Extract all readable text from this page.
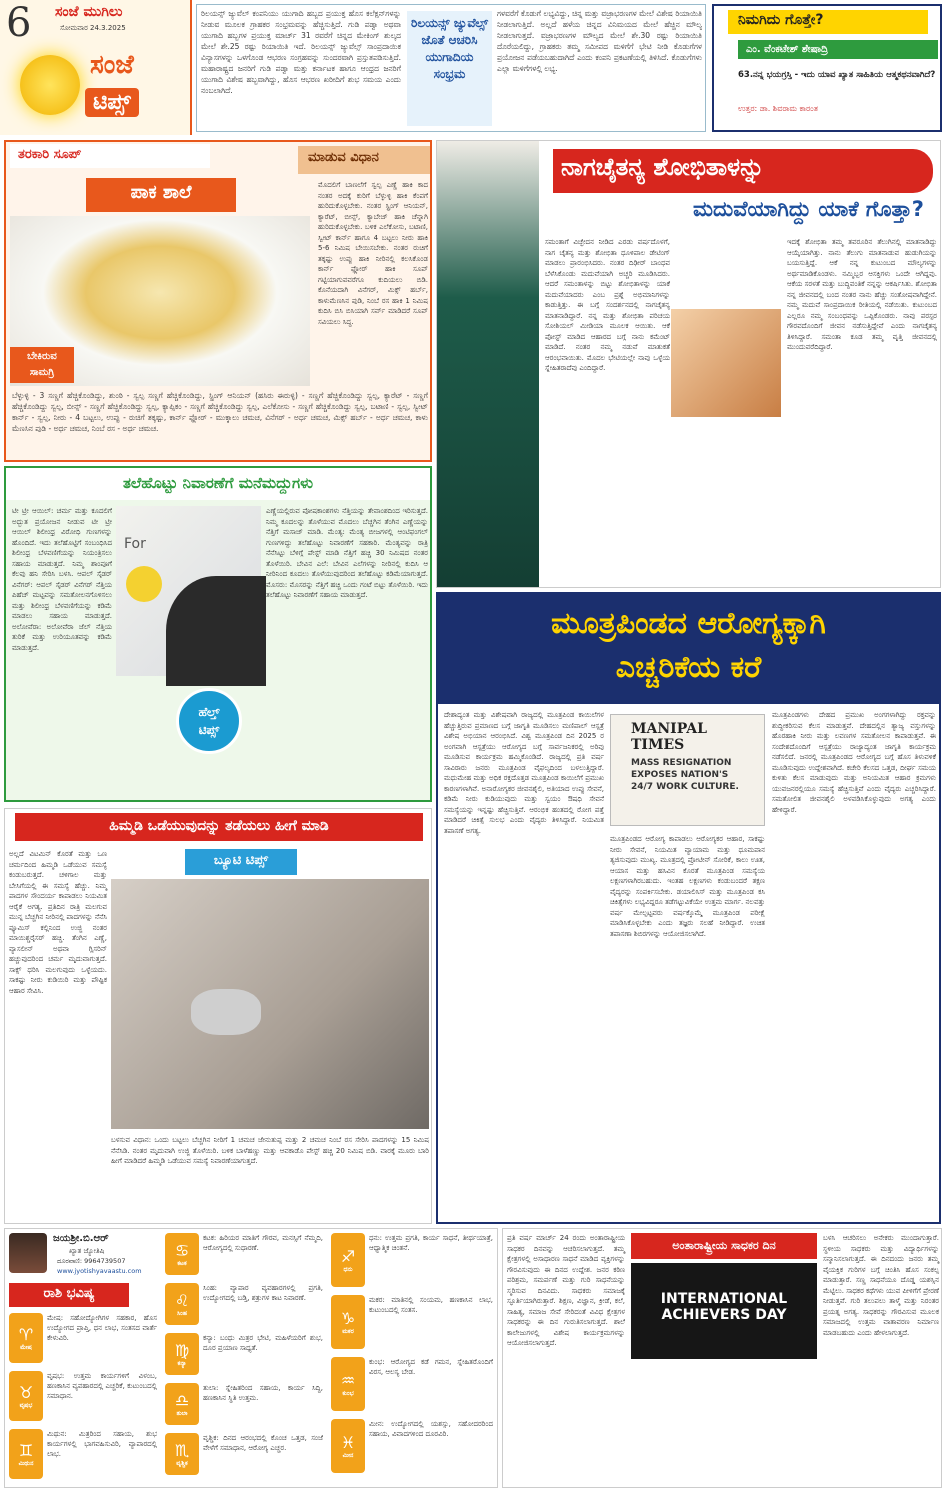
6 ಸಂಜೆ ಮುಗಿಲು
ಸೋಮವಾರ 24.3.2025
ಸಂಜೆ
ಟಿಪ್ಸ್
ರಿಲಯನ್ಸ್ ಜ್ಯುವೆಲ್ ಕಂಪನಿಯು ಯುಗಾದಿ ಹಬ್ಬದ ಪ್ರಯುಕ್ತ ಹೊಸ ಕಲೆಕ್ಷನ್‌ಗಳನ್ನು ನೀಡುವ ಮೂಲಕ ಗ್ರಾಹಕರ ಸಂಭ್ರಮವನ್ನು ಹೆಚ್ಚಿಸುತ್ತಿದೆ. ಗುಡಿ ಪಡ್ವಾ ಅಥವಾ ಯುಗಾದಿ ಹಬ್ಬಗಳ ಪ್ರಯುಕ್ತ ಮಾರ್ಚ್ 31 ರವರೆಗೆ ಚಿನ್ನದ ಮೇಕಿಂಗ್ ಶುಲ್ಕದ ಮೇಲೆ ಶೇ.25 ರಷ್ಟು ರಿಯಾಯಿತಿ ಇದೆ. ರಿಲಯನ್ಸ್ ಜ್ಯುವೆಲ್ಸ್ ಸಾಂಪ್ರದಾಯಿಕ ವಿನ್ಯಾಸಗಳನ್ನು ಒಳಗೊಂಡ ಆಭರಣ ಸಂಗ್ರಹವನ್ನು ಸುಂದರವಾಗಿ ಪ್ರಸ್ತುತಪಡಿಸುತ್ತಿದೆ. ಮಹಾರಾಷ್ಟ್ರದ ಜನರಿಗೆ ಗುಡಿ ಪಡ್ವಾ ಮತ್ತು ಕರ್ನಾಟಕ ಹಾಗೂ ಆಂಧ್ರದ ಜನರಿಗೆ ಯುಗಾದಿ ವಿಶೇಷ ಹಬ್ಬವಾಗಿದ್ದು, ಹೊಸ ಆಭರಣ ಖರೀದಿಗೆ ಶುಭ ಸಮಯ ಎಂದು ನಂಬಲಾಗಿದೆ.
ರಿಲಯನ್ಸ್ ಜ್ಯುವೆಲ್ಸ್ ಜೊತೆ ಆಚರಿಸಿ ಯುಗಾದಿಯ ಸಂಭ್ರಮ
ಗಳವರೆಗೆ ಕೊಡುಗೆ ಲಭ್ಯವಿದ್ದು, ಚಿನ್ನ ಮತ್ತು ವಜ್ರಾಭರಣಗಳ ಮೇಲೆ ವಿಶೇಷ ರಿಯಾಯಿತಿ ನೀಡಲಾಗುತ್ತಿದೆ. ಅಲ್ಲದೆ ಹಳೆಯ ಚಿನ್ನದ ವಿನಿಮಯದ ಮೇಲೆ ಹೆಚ್ಚಿನ ಮೌಲ್ಯ ನೀಡಲಾಗುತ್ತದೆ. ವಜ್ರಾಭರಣಗಳ ಮೌಲ್ಯದ ಮೇಲೆ ಶೇ.30 ರಷ್ಟು ರಿಯಾಯಿತಿ ದೊರೆಯಲಿದ್ದು, ಗ್ರಾಹಕರು ತಮ್ಮ ಸಮೀಪದ ಮಳಿಗೆಗೆ ಭೇಟಿ ನೀಡಿ ಕೊಡುಗೆಗಳ ಪ್ರಯೋಜನ ಪಡೆಯಬಹುದಾಗಿದೆ ಎಂದು ಕಂಪನಿ ಪ್ರಕಟಣೆಯಲ್ಲಿ ತಿಳಿಸಿದೆ. ಕೊಡುಗೆಗಳು ಎಲ್ಲಾ ಮಳಿಗೆಗಳಲ್ಲಿ ಲಭ್ಯ.
ನಿಮಗಿದು ಗೊತ್ತೇ?
ಎಂ. ವೆಂಕಟೇಶ್ ಶೇಷಾದ್ರಿ
63.ನನ್ನ ಭಯಗ್ರಸ್ತಿ - ಇದು ಯಾವ ಖ್ಯಾತ ಸಾಹಿತಿಯ ಆತ್ಮಕಥನವಾಗಿದೆ?
ಉತ್ತರ: ಡಾ. ಶಿವರಾಮ ಕಾರಂತ
ತರಕಾರಿ ಸೂಪ್	ಮಾಡುವ ವಿಧಾನ
ಪಾಕ ಶಾಲೆ
ಬೇಕಿರುವ
ಸಾಮಗ್ರಿ
ಮೊದಲಿಗೆ ಬಾಣಲೆಗೆ ಸ್ವಲ್ಪ ಎಣ್ಣೆ ಹಾಕಿ ಕಾದ ನಂತರ ಅದಕ್ಕೆ ಕುರಿಗೆ ಬೆಳ್ಳುಳ್ಳಿ ಹಾಕಿ ಕೆಂಪಗೆ ಹುರಿದುಕೊಳ್ಳಬೇಕು. ನಂತರ ಸ್ಪ್ರಿಂಗ್ ಆನಿಯನ್, ಕ್ಯಾರೆಟ್, ಬೀನ್ಸ್, ಕ್ಯಾಬೇಜ್ ಹಾಕಿ ಚೆನ್ನಾಗಿ ಹುರಿದುಕೊಳ್ಳಬೇಕು. ಬಳಿಕ ಎಲೆಕೋಸು, ಬಟಾಣಿ, ಸ್ವೀಟ್ ಕಾರ್ನ್ ಹಾಗೂ 4 ಬಟ್ಟಲು ನೀರು ಹಾಕಿ 5-6 ನಿಮಿಷ ಬೇಯಿಸಬೇಕು. ನಂತರ ರುಚಿಗೆ ತಕ್ಕಷ್ಟು ಉಪ್ಪು ಹಾಕಿ ನೀರಿನಲ್ಲಿ ಕಲಸಿಕೊಂಡ ಕಾರ್ನ್ ಫ್ಲೋರ್ ಹಾಕಿ ಸೂಪ್ ಗಟ್ಟಿಯಾಗುವವರೆಗೂ ಕುದಿಯಲು ಬಿಡಿ. ಕೊನೆಯದಾಗಿ ವಿನೆಗರ್, ಮಿಕ್ಸ್ ಹರ್ಬ್, ಕಾಳುಮೆಣಸಿನ ಪುಡಿ, ನಿಂಬೆ ರಸ ಹಾಕಿ 1 ನಿಮಿಷ ಕುದಿಸಿ ಬಿಸಿ ಬಿಸಿಯಾಗಿ ಸರ್ವ್ ಮಾಡಿದರೆ ಸೂಪ್ ಸವಿಯಲು ಸಿದ್ಧ.
ಬೆಳ್ಳುಳ್ಳಿ - 3 ಸಣ್ಣಗೆ ಹೆಚ್ಚಿಕೊಂಡಿದ್ದು, ಶುಂಠಿ - ಸ್ವಲ್ಪ ಸಣ್ಣಗೆ ಹೆಚ್ಚಿಕೊಂಡಿದ್ದು, ಸ್ಪ್ರಿಂಗ್ ಆನಿಯನ್ (ಹಸಿರು ಈರುಳ್ಳಿ) - ಸಣ್ಣಗೆ ಹೆಚ್ಚಿಕೊಂಡಿದ್ದು ಸ್ವಲ್ಪ, ಕ್ಯಾರೆಟ್ - ಸಣ್ಣಗೆ ಹೆಚ್ಚಿಕೊಂಡಿದ್ದು ಸ್ವಲ್ಪ, ಬೀನ್ಸ್ - ಸಣ್ಣಗೆ ಹೆಚ್ಚಿಕೊಂಡಿದ್ದು ಸ್ವಲ್ಪ, ಕ್ಯಾಪ್ಸಿಕಂ - ಸಣ್ಣಗೆ ಹೆಚ್ಚಿಕೊಂಡಿದ್ದು ಸ್ವಲ್ಪ, ಎಲೆಕೋಸು - ಸಣ್ಣಗೆ ಹೆಚ್ಚಿಕೊಂಡಿದ್ದು ಸ್ವಲ್ಪ, ಬಟಾಣಿ - ಸ್ವಲ್ಪ, ಸ್ವೀಟ್ ಕಾರ್ನ್ - ಸ್ವಲ್ಪ, ನೀರು - 4 ಬಟ್ಟಲು, ಉಪ್ಪು - ರುಚಿಗೆ ತಕ್ಕಷ್ಟು, ಕಾರ್ನ್ ಫ್ಲೋರ್ - ಮುಕ್ಕಾಲು ಚಮಚ, ವಿನೆಗರ್ - ಅರ್ಧ ಚಮಚ, ಮಿಕ್ಸ್ ಹರ್ಬ್ - ಅರ್ಧ ಚಮಚ, ಕಾಳು ಮೆಣಸಿನ ಪುಡಿ - ಅರ್ಧ ಚಮಚ, ನಿಂಬೆ ರಸ - ಅರ್ಧ ಚಮಚ.
ತಲೆಹೊಟ್ಟು ನಿವಾರಣೆಗೆ ಮನೆಮದ್ದುಗಳು
ಟೀ ಟ್ರೀ ಆಯಿಲ್: ಚರ್ಮ ಮತ್ತು ಕೂದಲಿಗೆ ಅದ್ಭುತ ಪ್ರಯೋಜನ ನೀಡುವ ಟೀ ಟ್ರೀ ಆಯಿಲ್ ಶಿಲೀಂಧ್ರ ವಿರೋಧಿ ಗುಣಗಳನ್ನು ಹೊಂದಿದೆ. ಇದು ತಲೆಹೊಟ್ಟಿಗೆ ಸಂಬಂಧಿಸಿದ ಶಿಲೀಂಧ್ರ ಬೆಳವಣಿಗೆಯನ್ನು ನಿಯಂತ್ರಿಸಲು ಸಹಾಯ ಮಾಡುತ್ತದೆ. ನಿಮ್ಮ ಶಾಂಪೂಗೆ ಕೆಲವು ಹನಿ ಸೇರಿಸಿ ಬಳಸಿ. ಆಪಲ್ ಸೈಡರ್ ವಿನೆಗರ್: ಆಪಲ್ ಸೈಡರ್ ವಿನೆಗರ್ ನೆತ್ತಿಯ ಪಿಹೆಚ್ ಮಟ್ಟವನ್ನು ಸಮತೋಲನಗೊಳಿಸಲು ಮತ್ತು ಶಿಲೀಂಧ್ರ ಬೆಳವಣಿಗೆಯನ್ನು ಕಡಿಮೆ ಮಾಡಲು ಸಹಾಯ ಮಾಡುತ್ತದೆ. ಅಲೋವೆರಾ: ಅಲೋವೆರಾ ಜೆಲ್ ನೆತ್ತಿಯ ತುರಿಕೆ ಮತ್ತು ಉರಿಯೂತವನ್ನು ಕಡಿಮೆ ಮಾಡುತ್ತದೆ.
For
ಹೆಲ್ತ್
ಟಿಪ್ಸ್
ಎಣ್ಣೆಯಲ್ಲಿರುವ ಪೋಷಕಾಂಶಗಳು ನೆತ್ತಿಯನ್ನು ತೇವಾಂಶದಿಂದ ಇರಿಸುತ್ತದೆ. ನಿಮ್ಮ ಕೂದಲನ್ನು ತೊಳೆಯುವ ಮೊದಲು ಬೆಚ್ಚಗಿನ ತೆಂಗಿನ ಎಣ್ಣೆಯನ್ನು ನೆತ್ತಿಗೆ ಮಸಾಜ್ ಮಾಡಿ. ಮೆಂತ್ಯ: ಮೆಂತ್ಯ ಬೀಜಗಳಲ್ಲಿ ಆಂಟಿಫಂಗಲ್ ಗುಣಗಳಿದ್ದು ತಲೆಹೊಟ್ಟು ನಿವಾರಣೆಗೆ ಸಹಕಾರಿ. ಮೆಂತ್ಯವನ್ನು ರಾತ್ರಿ ನೆನೆಸಿಟ್ಟು ಬೆಳಿಗ್ಗೆ ಪೇಸ್ಟ್ ಮಾಡಿ ನೆತ್ತಿಗೆ ಹಚ್ಚಿ 30 ನಿಮಿಷದ ನಂತರ ತೊಳೆಯಿರಿ. ಬೇವಿನ ಎಲೆ: ಬೇವಿನ ಎಲೆಗಳನ್ನು ನೀರಿನಲ್ಲಿ ಕುದಿಸಿ ಆ ನೀರಿನಿಂದ ಕೂದಲು ತೊಳೆಯುವುದರಿಂದ ತಲೆಹೊಟ್ಟು ಕಡಿಮೆಯಾಗುತ್ತದೆ. ಮೊಸರು: ಮೊಸರನ್ನು ನೆತ್ತಿಗೆ ಹಚ್ಚಿ ಒಂದು ಗಂಟೆ ಬಿಟ್ಟು ತೊಳೆಯಿರಿ. ಇದು ತಲೆಹೊಟ್ಟು ನಿವಾರಣೆಗೆ ಸಹಾಯ ಮಾಡುತ್ತದೆ.
ನಾಗಚೈತನ್ಯ ಶೋಭಿತಾಳನ್ನು
ಮದುವೆಯಾಗಿದ್ದು ಯಾಕೆ ಗೊತ್ತಾ?
ಸಮಂತಾಗೆ ವಿಚ್ಛೇದನ ನೀಡಿದ ಎರಡು ವರ್ಷದೊಳಗೆ, ನಾಗ ಚೈತನ್ಯ ಮತ್ತು ಶೋಭಿತಾ ಧೂಳಿಪಾಲ ಡೇಟಿಂಗ್ ಮಾಡಲು ಪ್ರಾರಂಭಿಸಿದರು. ನಂತರ ದಿಢೀರ್ ಬಾಂಧವ ಬೆಳೆಸಿಕೊಂಡು ಮದುವೆಯಾಗಿ ಅಚ್ಚರಿ ಮೂಡಿಸಿದರು. ಆದರೆ ಸಮಂತಾಳನ್ನು ಬಿಟ್ಟು ಶೋಭಿತಾಳನ್ನು ಯಾಕೆ ಮದುವೆಯಾದರು ಎಂಬ ಪ್ರಶ್ನೆ ಅಭಿಮಾನಿಗಳನ್ನು ಕಾಡುತ್ತಿತ್ತು. ಈ ಬಗ್ಗೆ ಸಂದರ್ಶನದಲ್ಲಿ ನಾಗಚೈತನ್ಯ ಮಾತನಾಡಿದ್ದಾರೆ. ನನ್ನ ಮತ್ತು ಶೋಭಿತಾ ಪರಿಚಯ ಸೋಶಿಯಲ್ ಮೀಡಿಯಾ ಮೂಲಕ ಆಯಿತು. ಆಕೆ ಪೋಸ್ಟ್ ಮಾಡಿದ ಆಹಾರದ ಬಗ್ಗೆ ನಾನು ಕಮೆಂಟ್ ಮಾಡಿದೆ. ನಂತರ ನಮ್ಮ ನಡುವೆ ಮಾತುಕತೆ ಆರಂಭವಾಯಿತು. ಮೊದಲ ಭೇಟಿಯಲ್ಲೇ ನಾವು ಒಳ್ಳೆಯ ಸ್ನೇಹಿತರಾದೆವು ಎಂದಿದ್ದಾರೆ.
ಇದಕ್ಕೆ ಶೋಭಿತಾ ತಮ್ಮ ತವರೂರಿನ ತೆಲುಗಿನಲ್ಲಿ ಮಾತನಾಡಿದ್ದು ಆಯ್ಕೆಯಾಗಿತ್ತು. ನಾನು ತೆಲುಗು ಮಾತನಾಡುವ ಹುಡುಗಿಯನ್ನು ಬಯಸುತ್ತಿದ್ದೆ. ಆಕೆ ನನ್ನ ಕುಟುಂಬದ ಮೌಲ್ಯಗಳನ್ನು ಅರ್ಥಮಾಡಿಕೊಂಡಳು. ನಮ್ಮಿಬ್ಬರ ಆಸಕ್ತಿಗಳು ಒಂದೇ ಆಗಿದ್ದವು. ಆಕೆಯ ಸರಳತೆ ಮತ್ತು ಬುದ್ಧಿವಂತಿಕೆ ನನ್ನನ್ನು ಆಕರ್ಷಿಸಿತು. ಶೋಭಿತಾ ನನ್ನ ಜೀವನದಲ್ಲಿ ಬಂದ ನಂತರ ನಾನು ಹೆಚ್ಚು ಸಂತೋಷವಾಗಿದ್ದೇನೆ. ನಮ್ಮ ಮದುವೆ ಸಾಂಪ್ರದಾಯಿಕ ರೀತಿಯಲ್ಲಿ ನಡೆಯಿತು. ಕುಟುಂಬದ ಎಲ್ಲರೂ ನಮ್ಮ ಸಂಬಂಧವನ್ನು ಒಪ್ಪಿಕೊಂಡರು. ನಾವು ಪರಸ್ಪರ ಗೌರವದೊಂದಿಗೆ ಜೀವನ ನಡೆಸುತ್ತಿದ್ದೇವೆ ಎಂದು ನಾಗಚೈತನ್ಯ ತಿಳಿಸಿದ್ದಾರೆ. ಸಮಂತಾ ಕೂಡ ತಮ್ಮ ವೃತ್ತಿ ಜೀವನದಲ್ಲಿ ಮುಂದುವರೆದಿದ್ದಾರೆ.
ಮೂತ್ರಪಿಂಡದ ಆರೋಗ್ಯಕ್ಕಾಗಿ
ಎಚ್ಚರಿಕೆಯ ಕರೆ
ದೇಶಾದ್ಯಂತ ಮತ್ತು ವಿಶೇಷವಾಗಿ ರಾಜ್ಯದಲ್ಲಿ ಮೂತ್ರಪಿಂಡ ಕಾಯಿಲೆಗಳ ಹೆಚ್ಚುತ್ತಿರುವ ಪ್ರಮಾಣದ ಬಗ್ಗೆ ಜಾಗೃತಿ ಮೂಡಿಸಲು ಮಣಿಪಾಲ್ ಆಸ್ಪತ್ರೆ ವಿಶೇಷ ಅಭಿಯಾನ ಆರಂಭಿಸಿದೆ. ವಿಶ್ವ ಮೂತ್ರಪಿಂಡ ದಿನ 2025 ರ ಅಂಗವಾಗಿ ಆಸ್ಪತ್ರೆಯು ಆರೋಗ್ಯದ ಬಗ್ಗೆ ಸಾರ್ವಜನಿಕರಲ್ಲಿ ಅರಿವು ಮೂಡಿಸುವ ಕಾರ್ಯಕ್ರಮ ಹಮ್ಮಿಕೊಂಡಿದೆ. ರಾಜ್ಯದಲ್ಲಿ ಪ್ರತಿ ವರ್ಷ ಸಾವಿರಾರು ಜನರು ಮೂತ್ರಪಿಂಡ ವೈಫಲ್ಯದಿಂದ ಬಳಲುತ್ತಿದ್ದಾರೆ. ಮಧುಮೇಹ ಮತ್ತು ಅಧಿಕ ರಕ್ತದೊತ್ತಡ ಮೂತ್ರಪಿಂಡ ಕಾಯಿಲೆಗೆ ಪ್ರಮುಖ ಕಾರಣಗಳಾಗಿವೆ. ಅನಾರೋಗ್ಯಕರ ಜೀವನಶೈಲಿ, ಅತಿಯಾದ ಉಪ್ಪು ಸೇವನೆ, ಕಡಿಮೆ ನೀರು ಕುಡಿಯುವುದು ಮತ್ತು ಸ್ವಯಂ ಔಷಧಿ ಸೇವನೆ ಸಮಸ್ಯೆಯನ್ನು ಇನ್ನಷ್ಟು ಹೆಚ್ಚಿಸುತ್ತಿವೆ. ಆರಂಭಿಕ ಹಂತದಲ್ಲಿ ರೋಗ ಪತ್ತೆ ಮಾಡಿದರೆ ಚಿಕಿತ್ಸೆ ಸುಲಭ ಎಂದು ವೈದ್ಯರು ತಿಳಿಸಿದ್ದಾರೆ. ನಿಯಮಿತ ತಪಾಸಣೆ ಅಗತ್ಯ.
MANIPAL TIMES
MASS RESIGNATION EXPOSES NATION'S 24/7 WORK CULTURE.
ಮೂತ್ರಪಿಂಡದ ಆರೋಗ್ಯ ಕಾಪಾಡಲು ಆರೋಗ್ಯಕರ ಆಹಾರ, ಸಾಕಷ್ಟು ನೀರು ಸೇವನೆ, ನಿಯಮಿತ ವ್ಯಾಯಾಮ ಮತ್ತು ಧೂಮಪಾನ ತ್ಯಜಿಸುವುದು ಮುಖ್ಯ. ಮೂತ್ರದಲ್ಲಿ ಪ್ರೋಟೀನ್ ಸೋರಿಕೆ, ಕಾಲು ಊತ, ಆಯಾಸ ಮತ್ತು ಹಸಿವಿನ ಕೊರತೆ ಮೂತ್ರಪಿಂಡ ಸಮಸ್ಯೆಯ ಲಕ್ಷಣಗಳಾಗಿರಬಹುದು. ಇಂತಹ ಲಕ್ಷಣಗಳು ಕಂಡುಬಂದರೆ ತಕ್ಷಣ ವೈದ್ಯರನ್ನು ಸಂಪರ್ಕಿಸಬೇಕು. ಡಯಾಲಿಸಿಸ್ ಮತ್ತು ಮೂತ್ರಪಿಂಡ ಕಸಿ ಚಿಕಿತ್ಸೆಗಳು ಲಭ್ಯವಿದ್ದರೂ ತಡೆಗಟ್ಟುವಿಕೆಯೇ ಉತ್ತಮ ಮಾರ್ಗ. ನಲವತ್ತು ವರ್ಷ ಮೇಲ್ಪಟ್ಟವರು ವರ್ಷಕ್ಕೊಮ್ಮೆ ಮೂತ್ರಪಿಂಡ ಪರೀಕ್ಷೆ ಮಾಡಿಸಿಕೊಳ್ಳಬೇಕು ಎಂದು ತಜ್ಞರು ಸಲಹೆ ನೀಡಿದ್ದಾರೆ. ಉಚಿತ ತಪಾಸಣಾ ಶಿಬಿರಗಳನ್ನು ಆಯೋಜಿಸಲಾಗಿದೆ.
ಮೂತ್ರಪಿಂಡಗಳು ದೇಹದ ಪ್ರಮುಖ ಅಂಗಗಳಾಗಿದ್ದು ರಕ್ತವನ್ನು ಶುದ್ಧೀಕರಿಸುವ ಕೆಲಸ ಮಾಡುತ್ತವೆ. ದೇಹದಲ್ಲಿನ ತ್ಯಾಜ್ಯ ವಸ್ತುಗಳನ್ನು ಹೊರಹಾಕಿ ನೀರು ಮತ್ತು ಲವಣಗಳ ಸಮತೋಲನ ಕಾಪಾಡುತ್ತವೆ. ಈ ಸಂದೇಶದೊಂದಿಗೆ ಆಸ್ಪತ್ರೆಯು ರಾಜ್ಯಾದ್ಯಂತ ಜಾಗೃತಿ ಕಾರ್ಯಕ್ರಮ ನಡೆಸಲಿದೆ. ಜನರಲ್ಲಿ ಮೂತ್ರಪಿಂಡದ ಆರೋಗ್ಯದ ಬಗ್ಗೆ ಹೊಸ ತಿಳುವಳಿಕೆ ಮೂಡಿಸುವುದು ಉದ್ದೇಶವಾಗಿದೆ. ಕಚೇರಿ ಕೆಲಸದ ಒತ್ತಡ, ದೀರ್ಘ ಸಮಯ ಕುಳಿತು ಕೆಲಸ ಮಾಡುವುದು ಮತ್ತು ಅನಿಯಮಿತ ಆಹಾರ ಕ್ರಮಗಳು ಯುವಜನರಲ್ಲಿಯೂ ಸಮಸ್ಯೆ ಹೆಚ್ಚಿಸುತ್ತಿವೆ ಎಂದು ವೈದ್ಯರು ಎಚ್ಚರಿಸಿದ್ದಾರೆ. ಸಮತೋಲಿತ ಜೀವನಶೈಲಿ ಅಳವಡಿಸಿಕೊಳ್ಳುವುದು ಅಗತ್ಯ ಎಂದು ಹೇಳಿದ್ದಾರೆ.
ಹಿಮ್ಮಡಿ ಒಡೆಯುವುದನ್ನು ತಡೆಯಲು ಹೀಗೆ ಮಾಡಿ
ಬ್ಯೂಟಿ ಟಿಪ್ಸ್
ಅಲ್ಲದೆ ವಿಟಮಿನ್ ಕೊರತೆ ಮತ್ತು ಒಣ ಚರ್ಮದಿಂದ ಹಿಮ್ಮಡಿ ಒಡೆಯುವ ಸಮಸ್ಯೆ ಕಂಡುಬರುತ್ತದೆ. ಚಳಿಗಾಲ ಮತ್ತು ಬೇಸಿಗೆಯಲ್ಲಿ ಈ ಸಮಸ್ಯೆ ಹೆಚ್ಚು. ನಿಮ್ಮ ಪಾದಗಳ ಸೌಂದರ್ಯ ಕಾಪಾಡಲು ನಿಯಮಿತ ಆರೈಕೆ ಅಗತ್ಯ. ಪ್ರತಿದಿನ ರಾತ್ರಿ ಮಲಗುವ ಮುನ್ನ ಬೆಚ್ಚಗಿನ ನೀರಿನಲ್ಲಿ ಪಾದಗಳನ್ನು ನೆನೆಸಿ ಪ್ಯೂಮಿಸ್ ಕಲ್ಲಿನಿಂದ ಉಜ್ಜಿ ನಂತರ ಮಾಯಿಶ್ಚರೈಸರ್ ಹಚ್ಚಿ. ತೆಂಗಿನ ಎಣ್ಣೆ, ವ್ಯಾಸಲೀನ್ ಅಥವಾ ಗ್ಲಿಸರಿನ್ ಹಚ್ಚುವುದರಿಂದ ಚರ್ಮ ಮೃದುವಾಗುತ್ತದೆ. ಸಾಕ್ಸ್ ಧರಿಸಿ ಮಲಗುವುದು ಒಳ್ಳೆಯದು. ಸಾಕಷ್ಟು ನೀರು ಕುಡಿಯಿರಿ ಮತ್ತು ಪೌಷ್ಟಿಕ ಆಹಾರ ಸೇವಿಸಿ.
ಬಳಸುವ ವಿಧಾನ: ಒಂದು ಬಟ್ಟಲು ಬೆಚ್ಚಗಿನ ನೀರಿಗೆ 1 ಚಮಚ ಜೇನುತುಪ್ಪ ಮತ್ತು 2 ಚಮಚ ನಿಂಬೆ ರಸ ಸೇರಿಸಿ ಪಾದಗಳನ್ನು 15 ನಿಮಿಷ ನೆನೆಸಿಡಿ. ನಂತರ ಮೃದುವಾಗಿ ಉಜ್ಜಿ ತೊಳೆಯಿರಿ. ಬಳಿಕ ಬಾಳೆಹಣ್ಣು ಮತ್ತು ಆವಕಾಡೊ ಪೇಸ್ಟ್ ಹಚ್ಚಿ 20 ನಿಮಿಷ ಬಿಡಿ. ವಾರಕ್ಕೆ ಮೂರು ಬಾರಿ ಹೀಗೆ ಮಾಡಿದರೆ ಹಿಮ್ಮಡಿ ಒಡೆಯುವ ಸಮಸ್ಯೆ ನಿವಾರಣೆಯಾಗುತ್ತದೆ.
ಜಯಶ್ರೀ.ಬಿ.ಆರ್
ಖ್ಯಾತ ಜ್ಯೋತಿಷಿ
ದೂರವಾಣಿ: 9964739507
www.jyotishyavaastu.com
ರಾಶಿ ಭವಿಷ್ಯ
♈
ಮೇಷ
ಮೇಷ: ಸಹೋದ್ಯೋಗಿಗಳ ಸಹಕಾರ, ಹೊಸ ಉದ್ಯೋಗದ ಪ್ರಾಪ್ತಿ, ಧನ ಲಾಭ, ಸಂತಸದ ವಾರ್ತೆ ಕೇಳುವಿರಿ.
♉
ವೃಷಭ
ವೃಷಭ: ಉತ್ತಮ ಕಾರ್ಯಗಳಿಗೆ ವಿಳಂಬ, ಹಣಕಾಸಿನ ವ್ಯವಹಾರದಲ್ಲಿ ಎಚ್ಚರಿಕೆ, ಕುಟುಂಬದಲ್ಲಿ ಸಮಾಧಾನ.
♊
ಮಿಥುನ
ಮಿಥುನ: ಮಿತ್ರರಿಂದ ಸಹಾಯ, ಶುಭ ಕಾರ್ಯಗಳಲ್ಲಿ ಭಾಗವಹಿಸುವಿರಿ, ವ್ಯಾಪಾರದಲ್ಲಿ ಲಾಭ.
♋
ಕಟಕ
ಕಟಕ: ಹಿರಿಯರ ಮಾತಿಗೆ ಗೌರವ, ಮನಸ್ಸಿಗೆ ನೆಮ್ಮದಿ, ಆರೋಗ್ಯದಲ್ಲಿ ಸುಧಾರಣೆ.
♌
ಸಿಂಹ
ಸಿಂಹ: ವ್ಯಾಪಾರ ವ್ಯವಹಾರಗಳಲ್ಲಿ ಪ್ರಗತಿ, ಉದ್ಯೋಗದಲ್ಲಿ ಬಡ್ತಿ, ಶತ್ರುಗಳ ಕಾಟ ನಿವಾರಣೆ.
♍
ಕನ್ಯಾ
ಕನ್ಯಾ: ಬಂಧು ಮಿತ್ರರ ಭೇಟಿ, ಮಹಿಳೆಯರಿಗೆ ಶುಭ, ದೂರ ಪ್ರಯಾಣ ಸಾಧ್ಯತೆ.
♎
ತುಲಾ
ತುಲಾ: ಸ್ನೇಹಿತರಿಂದ ಸಹಾಯ, ಕಾರ್ಯ ಸಿದ್ಧಿ, ಹಣಕಾಸಿನ ಸ್ಥಿತಿ ಉತ್ತಮ.
♏
ವೃಶ್ಚಿಕ
ವೃಶ್ಚಿಕ: ದಿನದ ಆರಂಭದಲ್ಲಿ ಕೊಂಚ ಒತ್ತಡ, ಸಂಜೆ ವೇಳೆಗೆ ಸಮಾಧಾನ, ಆರೋಗ್ಯ ಎಚ್ಚರ.
♐
ಧನು
ಧನು: ಉತ್ತಮ ಪ್ರಗತಿ, ಕಾರ್ಯ ಸಾಧನೆ, ತೀರ್ಥಯಾತ್ರೆ, ಆಧ್ಯಾತ್ಮಿಕ ಚಿಂತನೆ.
♑
ಮಕರ
ಮಕರ: ಮಾತಿನಲ್ಲಿ ಸಂಯಮ, ಹಣಕಾಸಿನ ಲಾಭ, ಕುಟುಂಬದಲ್ಲಿ ಸಂತಸ.
♒
ಕುಂಭ
ಕುಂಭ: ಆರೋಗ್ಯದ ಕಡೆ ಗಮನ, ಸ್ನೇಹಿತರೊಂದಿಗೆ ವಿರಸ, ಆಲಸ್ಯ ಬೇಡ.
♓
ಮೀನ
ಮೀನ: ಉದ್ಯೋಗದಲ್ಲಿ ಯಶಸ್ಸು, ಸಹೋದರರಿಂದ ಸಹಾಯ, ವಿವಾದಗಳಿಂದ ದೂರವಿರಿ.
ಪ್ರತಿ ವರ್ಷ ಮಾರ್ಚ್ 24 ರಂದು ಅಂತಾರಾಷ್ಟ್ರೀಯ ಸಾಧಕರ ದಿನವನ್ನು ಆಚರಿಸಲಾಗುತ್ತದೆ. ತಮ್ಮ ಕ್ಷೇತ್ರಗಳಲ್ಲಿ ಅಸಾಧಾರಣ ಸಾಧನೆ ಮಾಡಿದ ವ್ಯಕ್ತಿಗಳನ್ನು ಗೌರವಿಸುವುದು ಈ ದಿನದ ಉದ್ದೇಶ. ಜನರ ಕಠಿಣ ಪರಿಶ್ರಮ, ಸಮರ್ಪಣೆ ಮತ್ತು ಗುರಿ ಸಾಧನೆಯನ್ನು ಸ್ಮರಿಸುವ ದಿನವಿದು. ಸಾಧಕರು ಸಮಾಜಕ್ಕೆ ಸ್ಫೂರ್ತಿಯಾಗಿರುತ್ತಾರೆ. ಶಿಕ್ಷಣ, ವಿಜ್ಞಾನ, ಕ್ರೀಡೆ, ಕಲೆ, ಸಾಹಿತ್ಯ, ಸಮಾಜ ಸೇವೆ ಸೇರಿದಂತೆ ವಿವಿಧ ಕ್ಷೇತ್ರಗಳ ಸಾಧಕರನ್ನು ಈ ದಿನ ಗುರುತಿಸಲಾಗುತ್ತದೆ. ಶಾಲೆ ಕಾಲೇಜುಗಳಲ್ಲಿ ವಿಶೇಷ ಕಾರ್ಯಕ್ರಮಗಳನ್ನು ಆಯೋಜಿಸಲಾಗುತ್ತದೆ.
ಅಂತಾರಾಷ್ಟ್ರೀಯ ಸಾಧಕರ ದಿನ
INTERNATIONAL
ACHIEVERS DAY
ಬಳಸಿ ಆಚರಿಸಲು ಅನೇಕರು ಮುಂದಾಗುತ್ತಾರೆ. ಸ್ಥಳೀಯ ಸಾಧಕರು ಮತ್ತು ವಿದ್ಯಾರ್ಥಿಗಳನ್ನು ಸನ್ಮಾನಿಸಲಾಗುತ್ತದೆ. ಈ ದಿನದಂದು ಜನರು ತಮ್ಮ ವೈಯಕ್ತಿಕ ಗುರಿಗಳ ಬಗ್ಗೆ ಚಿಂತಿಸಿ ಹೊಸ ಸಂಕಲ್ಪ ಮಾಡುತ್ತಾರೆ. ಸಣ್ಣ ಸಾಧನೆಯೂ ದೊಡ್ಡ ಯಶಸ್ಸಿನ ಮೆಟ್ಟಿಲು. ಸಾಧಕರ ಕಥೆಗಳು ಯುವ ಪೀಳಿಗೆಗೆ ಪ್ರೇರಣೆ ನೀಡುತ್ತವೆ. ಗುರಿ ತಲುಪಲು ತಾಳ್ಮೆ ಮತ್ತು ನಿರಂತರ ಪ್ರಯತ್ನ ಅಗತ್ಯ. ಸಾಧಕರನ್ನು ಗೌರವಿಸುವ ಮೂಲಕ ಸಮಾಜದಲ್ಲಿ ಉತ್ತಮ ವಾತಾವರಣ ನಿರ್ಮಾಣ ಮಾಡಬಹುದು ಎಂದು ಹೇಳಲಾಗುತ್ತದೆ.
